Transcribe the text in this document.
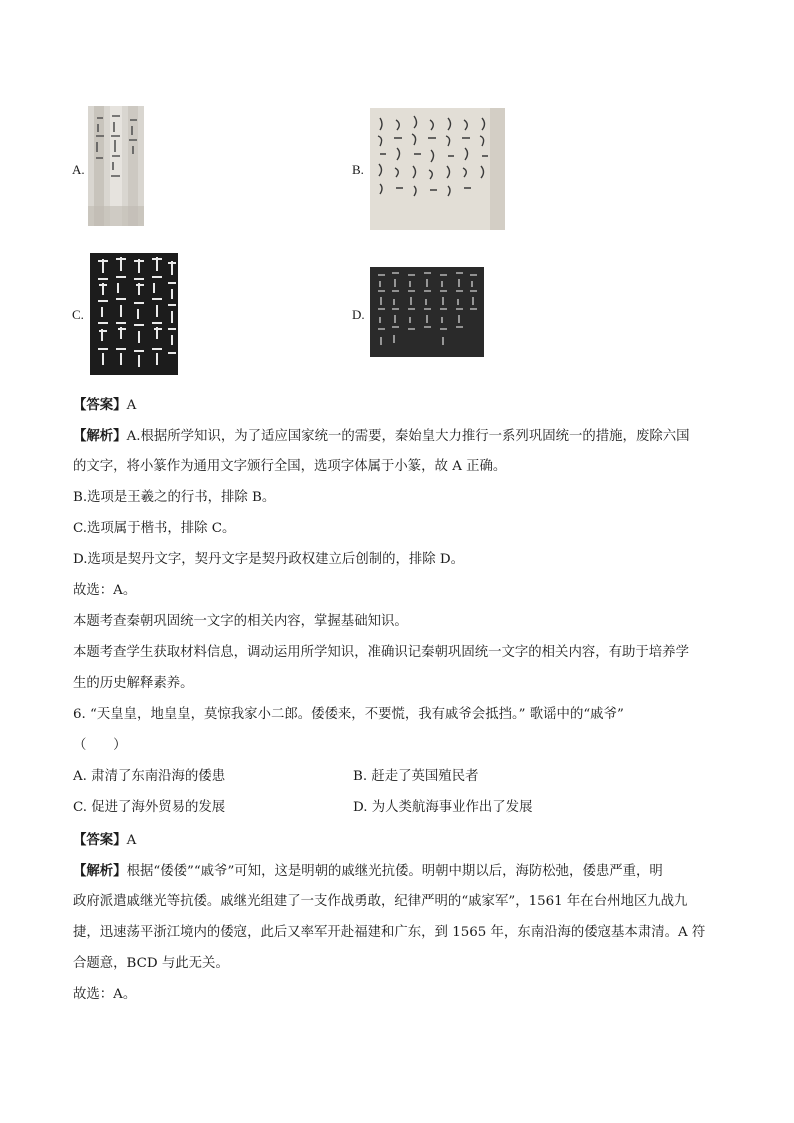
A.	B.
C.	D.
【答案】A
【解析】A.根据所学知识，为了适应国家统一的需要，秦始皇大力推行一系列巩固统一的措施，废除六国
的文字，将小篆作为通用文字颁行全国，选项字体属于小篆，故 A 正确。
B.选项是王羲之的行书，排除 B。
C.选项属于楷书，排除 C。
D.选项是契丹文字，契丹文字是契丹政权建立后创制的，排除 D。
故选：A。
本题考查秦朝巩固统一文字的相关内容，掌握基础知识。
本题考查学生获取材料信息，调动运用所学知识，准确识记秦朝巩固统一文字的相关内容，有助于培养学
生的历史解释素养。
6. “天皇皇，地皇皇，莫惊我家小二郎。倭倭来，不要慌，我有戚爷会抵挡。” 歌谣中的“戚爷”
（　　）
A. 肃清了东南沿海的倭患	B. 赶走了英国殖民者
C. 促进了海外贸易的发展	D. 为人类航海事业作出了发展
【答案】A
【解析】根据“倭倭”“戚爷”可知，这是明朝的戚继光抗倭。明朝中期以后，海防松弛，倭患严重，明
政府派遣戚继光等抗倭。戚继光组建了一支作战勇敢，纪律严明的“戚家军”，1561 年在台州地区九战九
捷，迅速荡平浙江境内的倭寇，此后又率军开赴福建和广东，到 1565 年，东南沿海的倭寇基本肃清。A 符
合题意，BCD 与此无关。
故选：A。
